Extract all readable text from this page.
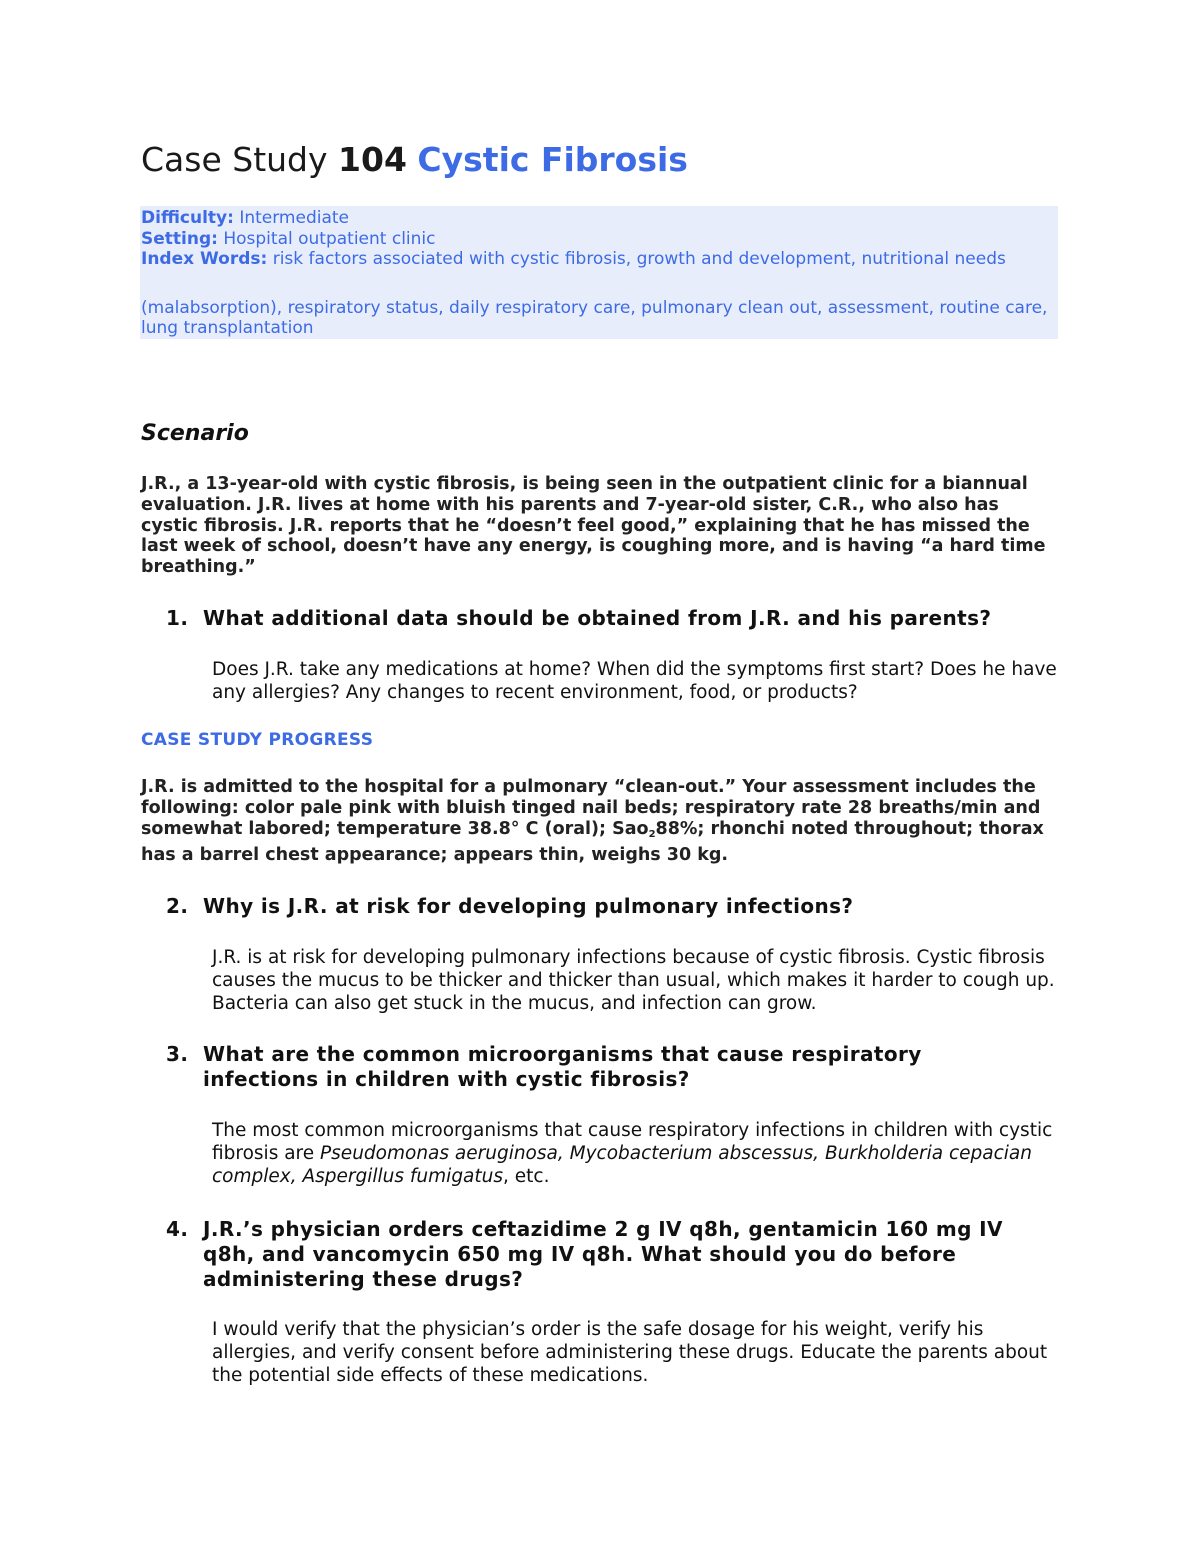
Case Study 104 Cystic Fibrosis
Difficulty: Intermediate
Setting: Hospital outpatient clinic
Index Words: risk factors associated with cystic fibrosis, growth and development, nutritional needs
(malabsorption), respiratory status, daily respiratory care, pulmonary clean out, assessment, routine care, lung transplantation
Scenario
J.R., a 13-year-old with cystic fibrosis, is being seen in the outpatient clinic for a biannual evaluation. J.R. lives at home with his parents and 7-year-old sister, C.R., who also has cystic fibrosis. J.R. reports that he “doesn’t feel good,” explaining that he has missed the last week of school, doesn’t have any energy, is coughing more, and is having “a hard time breathing.”
1. What additional data should be obtained from J.R. and his parents?
Does J.R. take any medications at home? When did the symptoms first start? Does he have any allergies? Any changes to recent environment, food, or products?
CASE STUDY PROGRESS
J.R. is admitted to the hospital for a pulmonary “clean-out.” Your assessment includes the following: color pale pink with bluish tinged nail beds; respiratory rate 28 breaths/min and somewhat labored; temperature 38.8° C (oral); Sao$_2$88%; rhonchi noted throughout; thorax has a barrel chest appearance; appears thin, weighs 30 kg.
2. Why is J.R. at risk for developing pulmonary infections?
J.R. is at risk for developing pulmonary infections because of cystic fibrosis. Cystic fibrosis causes the mucus to be thicker and thicker than usual, which makes it harder to cough up. Bacteria can also get stuck in the mucus, and infection can grow.
3. What are the common microorganisms that cause respiratory infections in children with cystic fibrosis?
The most common microorganisms that cause respiratory infections in children with cystic fibrosis are Pseudomonas aeruginosa, Mycobacterium abscessus, Burkholderia cepacian complex, Aspergillus fumigatus, etc.
4. J.R.’s physician orders ceftazidime 2 g IV q8h, gentamicin 160 mg IV q8h, and vancomycin 650 mg IV q8h. What should you do before administering these drugs?
I would verify that the physician’s order is the safe dosage for his weight, verify his allergies, and verify consent before administering these drugs. Educate the parents about the potential side effects of these medications.
